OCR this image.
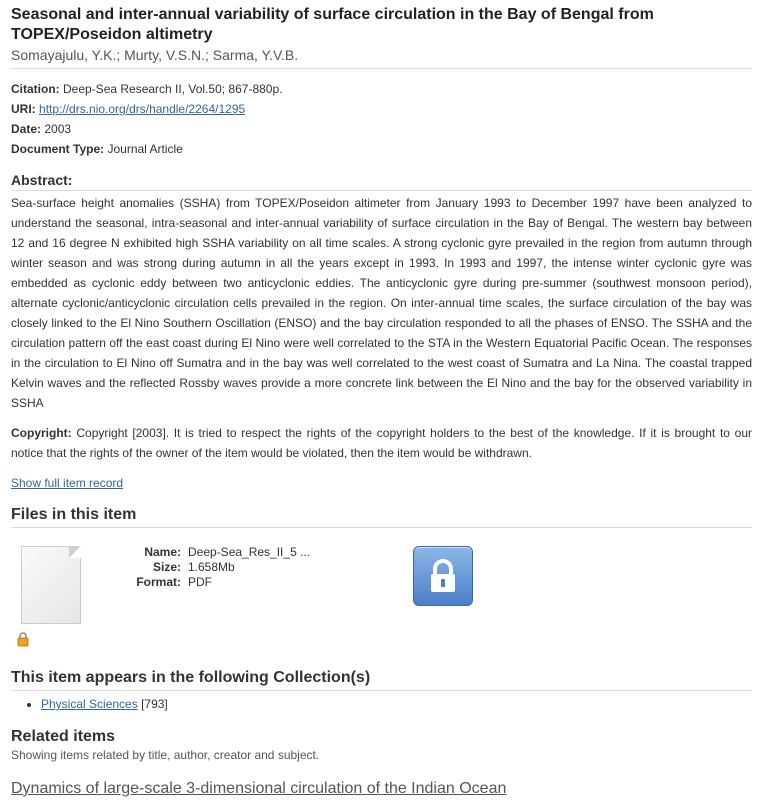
Seasonal and inter-annual variability of surface circulation in the Bay of Bengal from TOPEX/Poseidon altimetry
Somayajulu, Y.K.; Murty, V.S.N.; Sarma, Y.V.B.
Citation: Deep-Sea Research II, Vol.50; 867-880p.
URI: http://drs.nio.org/drs/handle/2264/1295
Date: 2003
Document Type: Journal Article
Abstract:
Sea-surface height anomalies (SSHA) from TOPEX/Poseidon altimeter from January 1993 to December 1997 have been analyzed to understand the seasonal, intra-seasonal and inter-annual variability of surface circulation in the Bay of Bengal. The western bay between 12 and 16 degree N exhibited high SSHA variability on all time scales. A strong cyclonic gyre prevailed in the region from autumn through winter season and was strong during autumn in all the years except in 1993. In 1993 and 1997, the intense winter cyclonic gyre was embedded as cyclonic eddy between two anticyclonic eddies. The anticyclonic gyre during pre-summer (southwest monsoon period), alternate cyclonic/anticyclonic circulation cells prevailed in the region. On inter-annual time scales, the surface circulation of the bay was closely linked to the El Nino Southern Oscillation (ENSO) and the bay circulation responded to all the phases of ENSO. The SSHA and the circulation pattern off the east coast during El Nino were well correlated to the STA in the Western Equatorial Pacific Ocean. The responses in the circulation to El Nino off Sumatra and in the bay was well correlated to the west coast of Sumatra and La Nina. The coastal trapped Kelvin waves and the reflected Rossby waves provide a more concrete link between the El Nino and the bay for the observed variability in SSHA
Copyright: Copyright [2003]. It is tried to respect the rights of the copyright holders to the best of the knowledge. If it is brought to our notice that the rights of the owner of the item would be violated, then the item would be withdrawn.
Show full item record
Files in this item
Name: Deep-Sea_Res_II_5 ...
Size: 1.658Mb
Format: PDF
This item appears in the following Collection(s)
• Physical Sciences [793]
Related items
Showing items related by title, author, creator and subject.
Dynamics of large-scale 3-dimensional circulation of the Indian Ocean
